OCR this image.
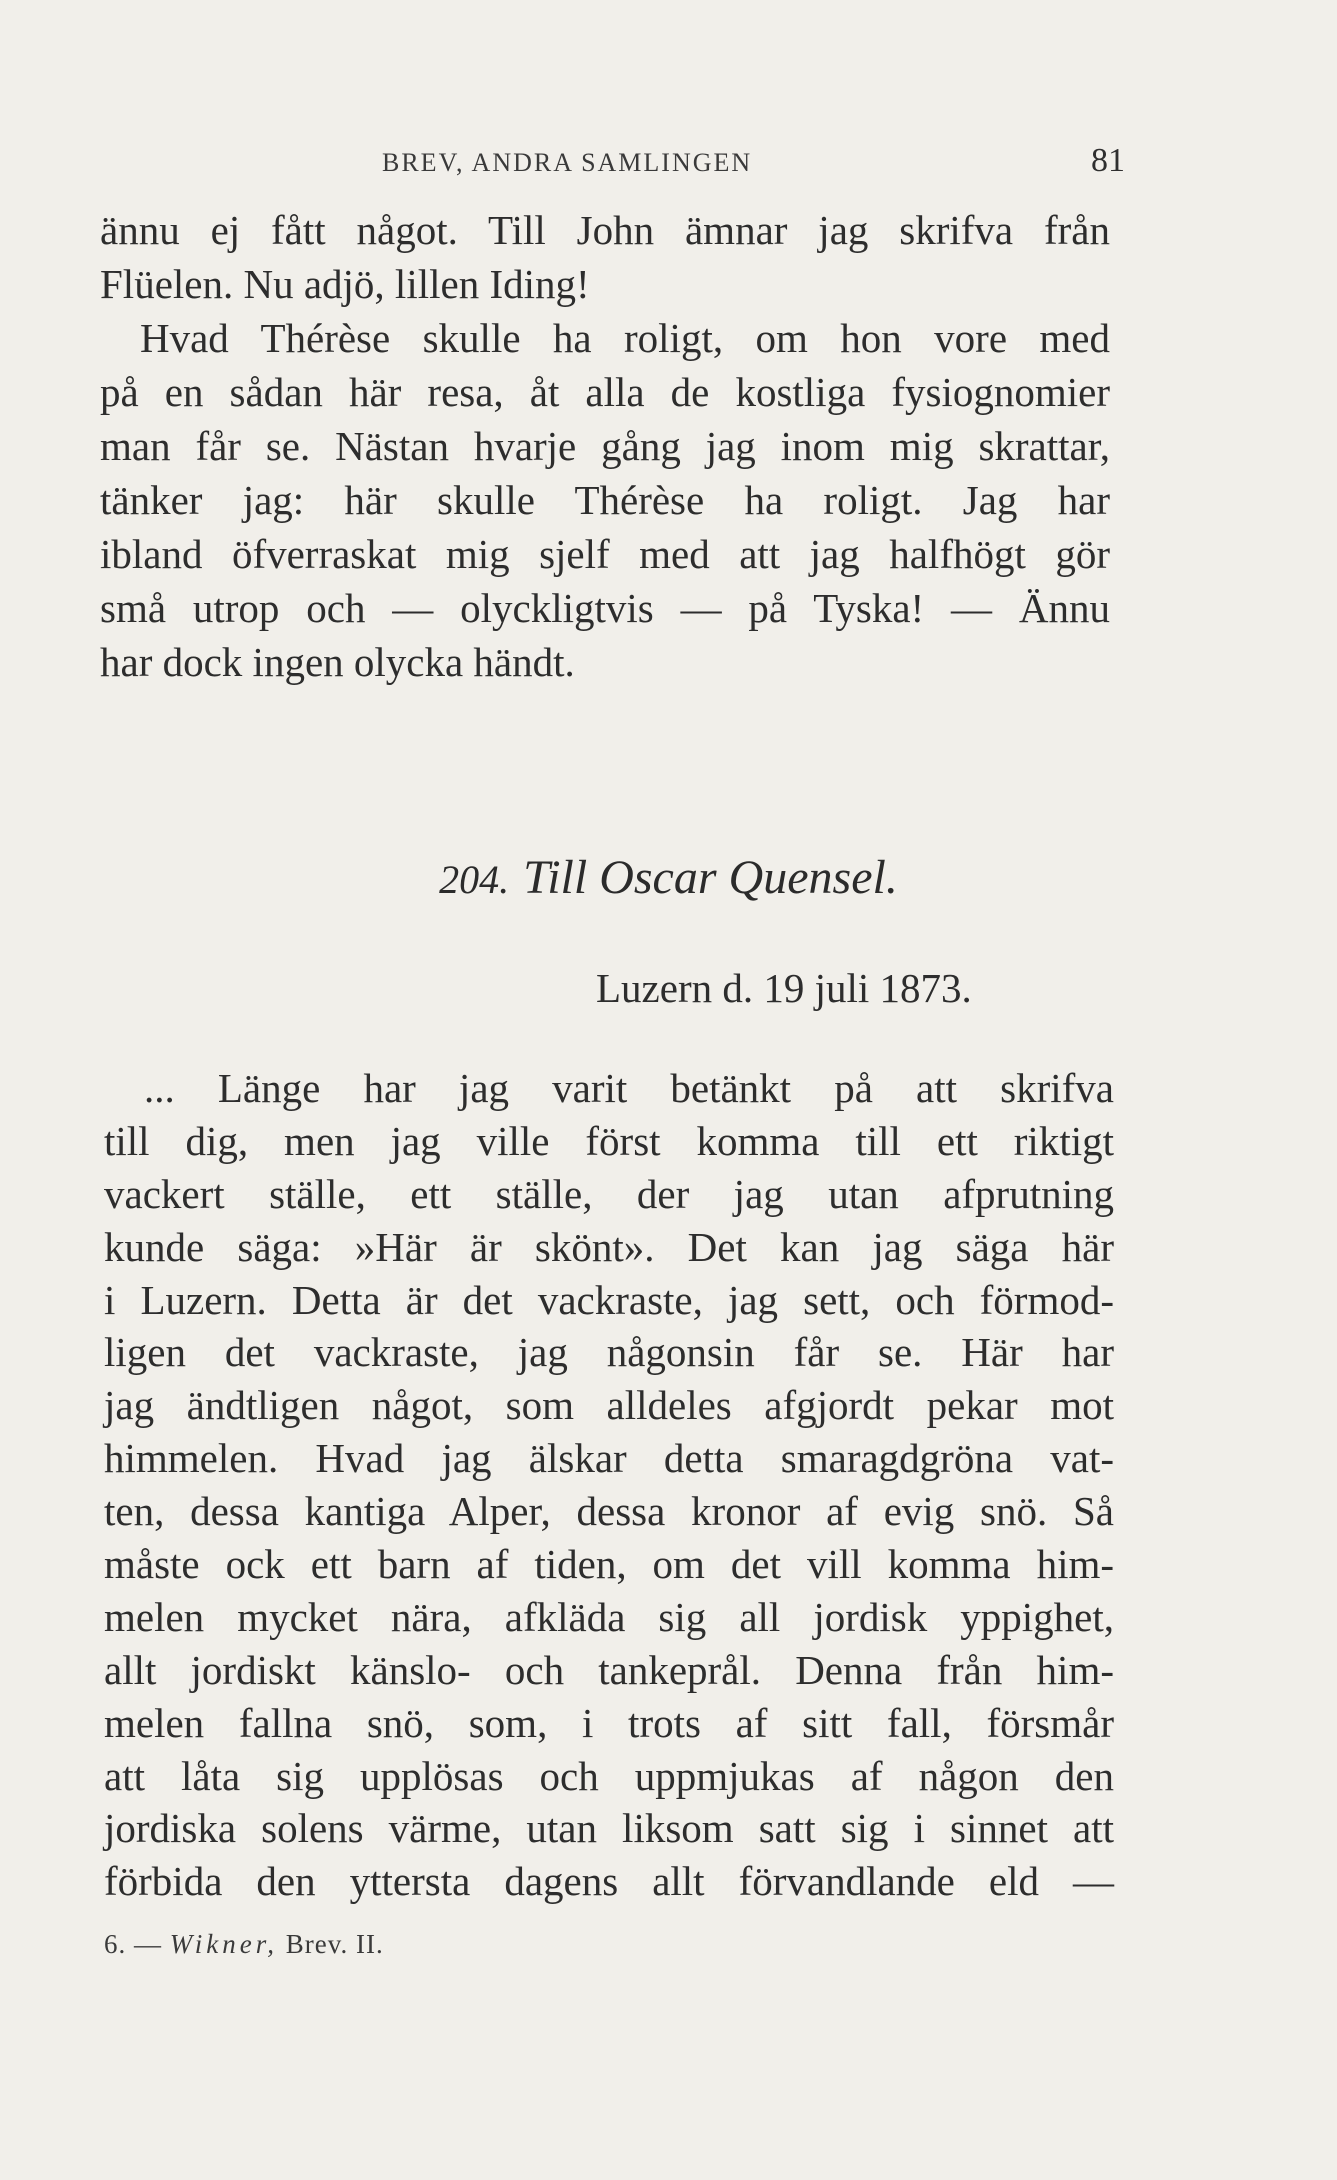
BREV, ANDRA SAMLINGEN	81
ännu ej fått något. Till John ämnar jag skrifva från
Flüelen. Nu adjö, lillen Iding!
Hvad Thérèse skulle ha roligt, om hon vore med
på en sådan här resa, åt alla de kostliga fysiognomier
man får se. Nästan hvarje gång jag inom mig skrattar,
tänker jag: här skulle Thérèse ha roligt. Jag har
ibland öfverraskat mig sjelf med att jag halfhögt gör
små utrop och — olyckligtvis — på Tyska! — Ännu
har dock ingen olycka händt.
204. Till Oscar Quensel.
Luzern d. 19 juli 1873.
... Länge har jag varit betänkt på att skrifva
till dig, men jag ville först komma till ett riktigt
vackert ställe, ett ställe, der jag utan afprutning
kunde säga: »Här är skönt». Det kan jag säga här
i Luzern. Detta är det vackraste, jag sett, och förmod-
ligen det vackraste, jag någonsin får se. Här har
jag ändtligen något, som alldeles afgjordt pekar mot
himmelen. Hvad jag älskar detta smaragdgröna vat-
ten, dessa kantiga Alper, dessa kronor af evig snö. Så
måste ock ett barn af tiden, om det vill komma him-
melen mycket nära, afkläda sig all jordisk yppighet,
allt jordiskt känslo- och tankeprål. Denna från him-
melen fallna snö, som, i trots af sitt fall, försmår
att låta sig upplösas och uppmjukas af någon den
jordiska solens värme, utan liksom satt sig i sinnet att
förbida den yttersta dagens allt förvandlande eld —
6. — Wikner, Brev. II.
